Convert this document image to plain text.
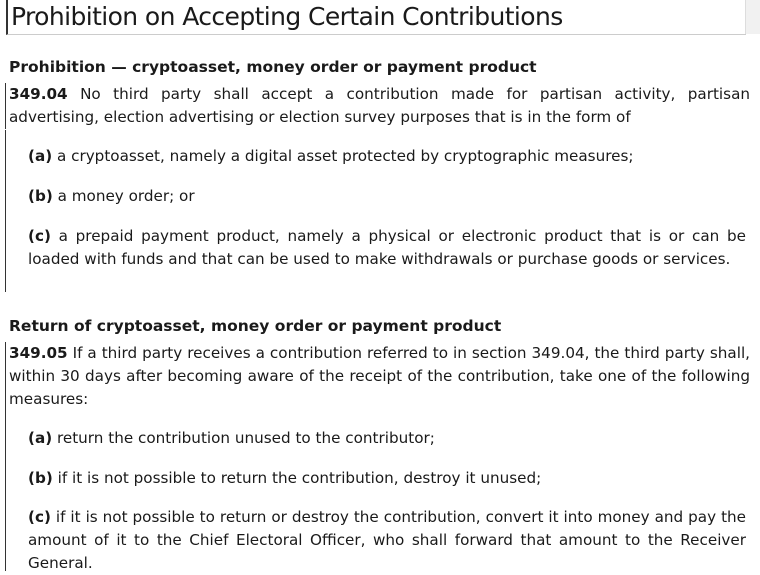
Prohibition on Accepting Certain Contributions
Prohibition — cryptoasset, money order or payment product
349.04 No third party shall accept a contribution made for partisan activity, partisan advertising, election advertising or election survey purposes that is in the form of
(a) a cryptoasset, namely a digital asset protected by cryptographic measures;
(b) a money order; or
(c) a prepaid payment product, namely a physical or electronic product that is or can be loaded with funds and that can be used to make withdrawals or purchase goods or services.
Return of cryptoasset, money order or payment product
349.05 If a third party receives a contribution referred to in section 349.04, the third party shall, within 30 days after becoming aware of the receipt of the contribution, take one of the following measures:
(a) return the contribution unused to the contributor;
(b) if it is not possible to return the contribution, destroy it unused;
(c) if it is not possible to return or destroy the contribution, convert it into money and pay the amount of it to the Chief Electoral Officer, who shall forward that amount to the Receiver General.
